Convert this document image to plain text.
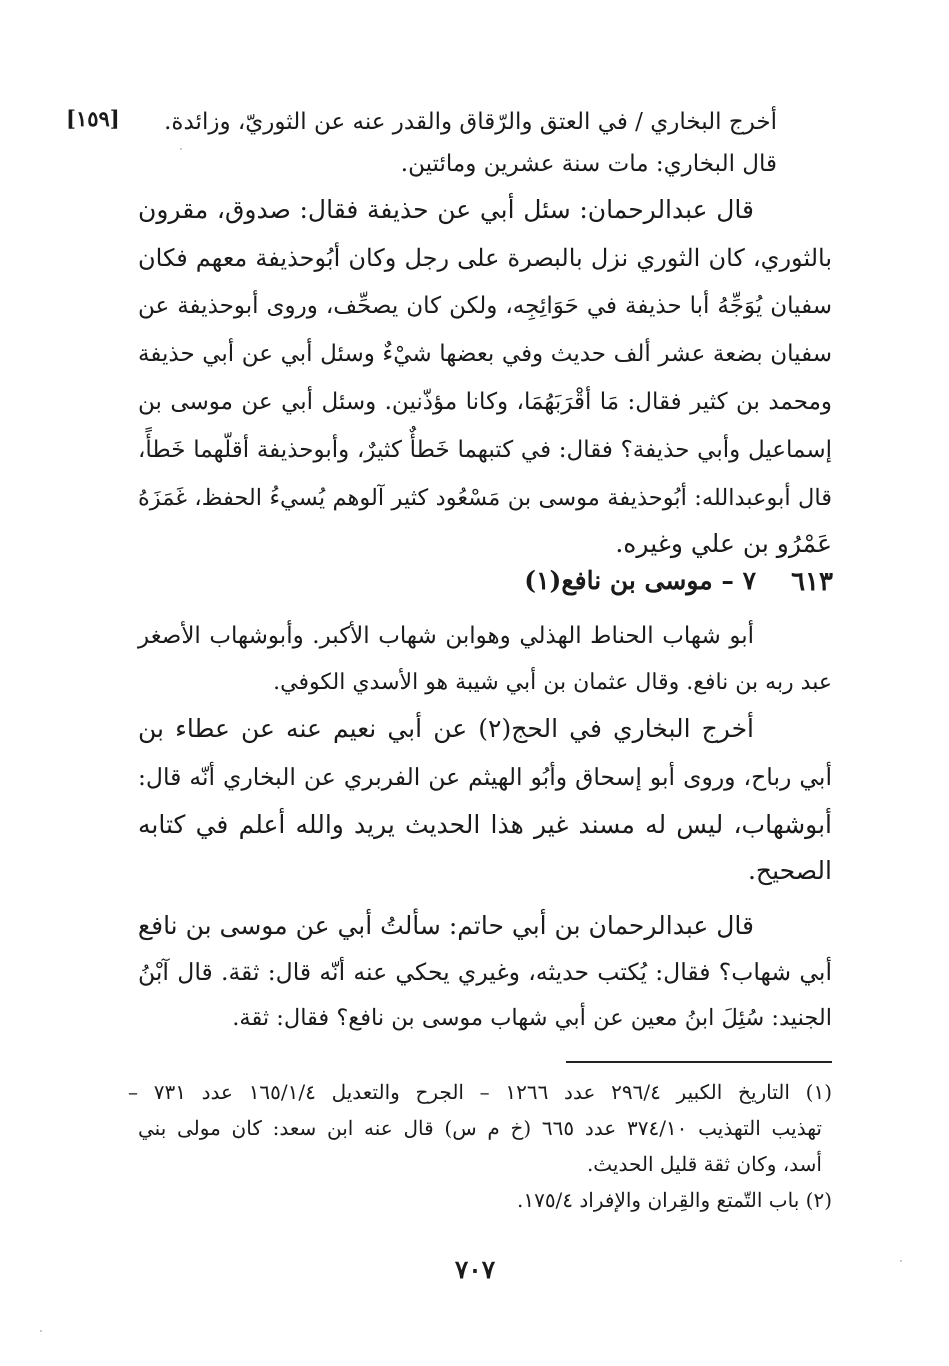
[١٥٩]	أخرج البخاري / في العتق والرّقاق والقدر عنه عن الثوريّ، وزائدة.
قال البخاري: مات سنة عشرين ومائتين.
قال عبدالرحمان: سئل أبي عن حذيفة فقال: صدوق، مقرون
بالثوري، كان الثوري نزل بالبصرة على رجل وكان أبُوحذيفة معهم فكان
سفيان يُوَجِّهُ أبا حذيفة في حَوَائِجِه، ولكن كان يصحِّف، وروى أبوحذيفة عن
سفيان بضعة عشر ألف حديث وفي بعضها شيْءٌ وسئل أبي عن أبي حذيفة
ومحمد بن كثير فقال: مَا أقْرَبَهُمَا، وكانا مؤذّنين. وسئل أبي عن موسى بن
إسماعيل وأبي حذيفة؟ فقال: في كتبهما خَطأٌ كثيرٌ، وأبوحذيفة أقلّهما خَطأً،
قال أبوعبدالله: أبُوحذيفة موسى بن مَسْعُود كثير آلوهم يُسيءُ الحفظ، غَمَزَهُ
عَمْرُو بن علي وغيره.
٦١٣
٧ – موسى بن نافع(١)
أبو شهاب الحناط الهذلي وهوابن شهاب الأكبر. وأبوشهاب الأصغر
عبد ربه بن نافع. وقال عثمان بن أبي شيبة هو الأسدي الكوفي.
أخرج البخاري في الحج(٢) عن أبي نعيم عنه عن عطاء بن
أبي رباح، وروى أبو إسحاق وأبُو الهيثم عن الفربري عن البخاري أنّه قال:
أبوشهاب، ليس له مسند غير هذا الحديث يريد والله أعلم في كتابه
الصحيح.
قال عبدالرحمان بن أبي حاتم: سألتُ أبي عن موسى بن نافع
أبي شهاب؟ فقال: يُكتب حديثه، وغيري يحكي عنه أنّه قال: ثقة. قال آبْنُ
الجنيد: سُئِلَ ابنُ معين عن أبي شهاب موسى بن نافع؟ فقال: ثقة.
(١) التاريخ الكبير ٢٩٦/٤ عدد ١٢٦٦ – الجرح والتعديل ١٦٥/١/٤ عدد ٧٣١ –
تهذيب التهذيب ٣٧٤/١٠ عدد ٦٦٥ (خ م س) قال عنه ابن سعد: كان مولى بني
أسد، وكان ثقة قليل الحديث.
(٢) باب التّمتع والقِران والإفراد ١٧٥/٤.
٧٠٧
